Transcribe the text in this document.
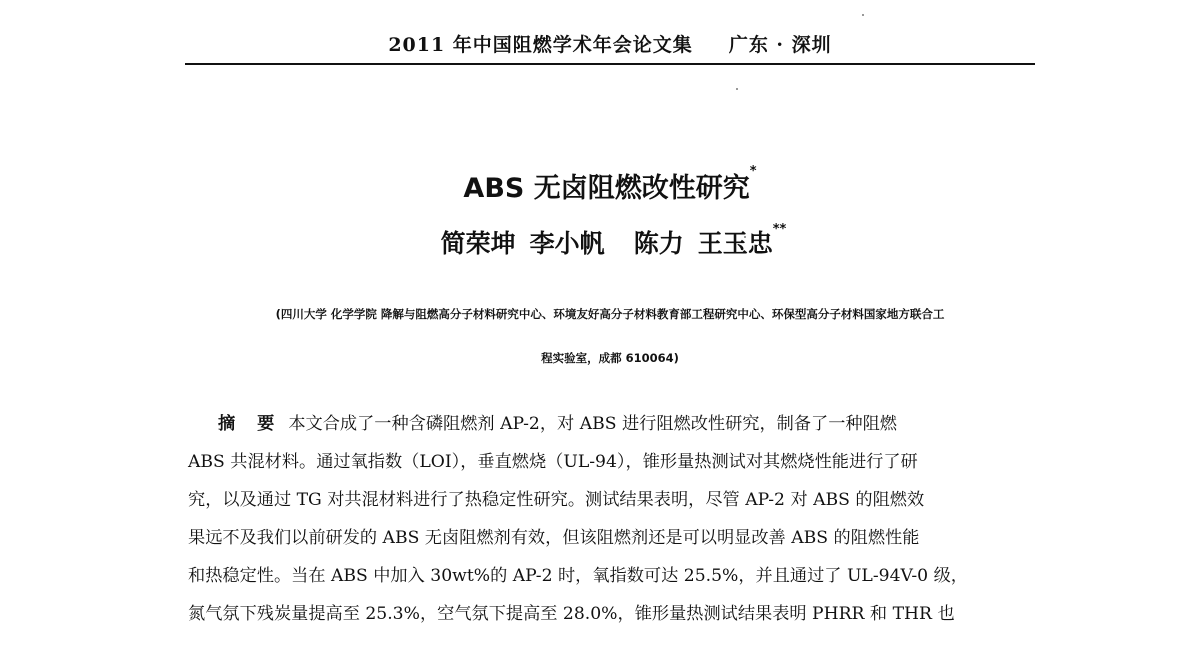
2011 年中国阻燃学术年会论文集 广东 · 深圳
ABS 无卤阻燃改性研究*
简荣坤 李小帆 陈力 王玉忠**
(四川大学 化学学院 降解与阻燃高分子材料研究中心、环境友好高分子材料教育部工程研究中心、环保型高分子材料国家地方联合工
程实验室，成都 610064)
摘 要 本文合成了一种含磷阻燃剂 AP-2，对 ABS 进行阻燃改性研究，制备了一种阻燃
ABS 共混材料。通过氧指数（LOI），垂直燃烧（UL-94），锥形量热测试对其燃烧性能进行了研
究，以及通过 TG 对共混材料进行了热稳定性研究。测试结果表明，尽管 AP-2 对 ABS 的阻燃效
果远不及我们以前研发的 ABS 无卤阻燃剂有效，但该阻燃剂还是可以明显改善 ABS 的阻燃性能
和热稳定性。当在 ABS 中加入 30wt%的 AP-2 时，氧指数可达 25.5%，并且通过了 UL-94V-0 级，
氮气氛下残炭量提高至 25.3%，空气氛下提高至 28.0%，锥形量热测试结果表明 PHRR 和 THR 也
